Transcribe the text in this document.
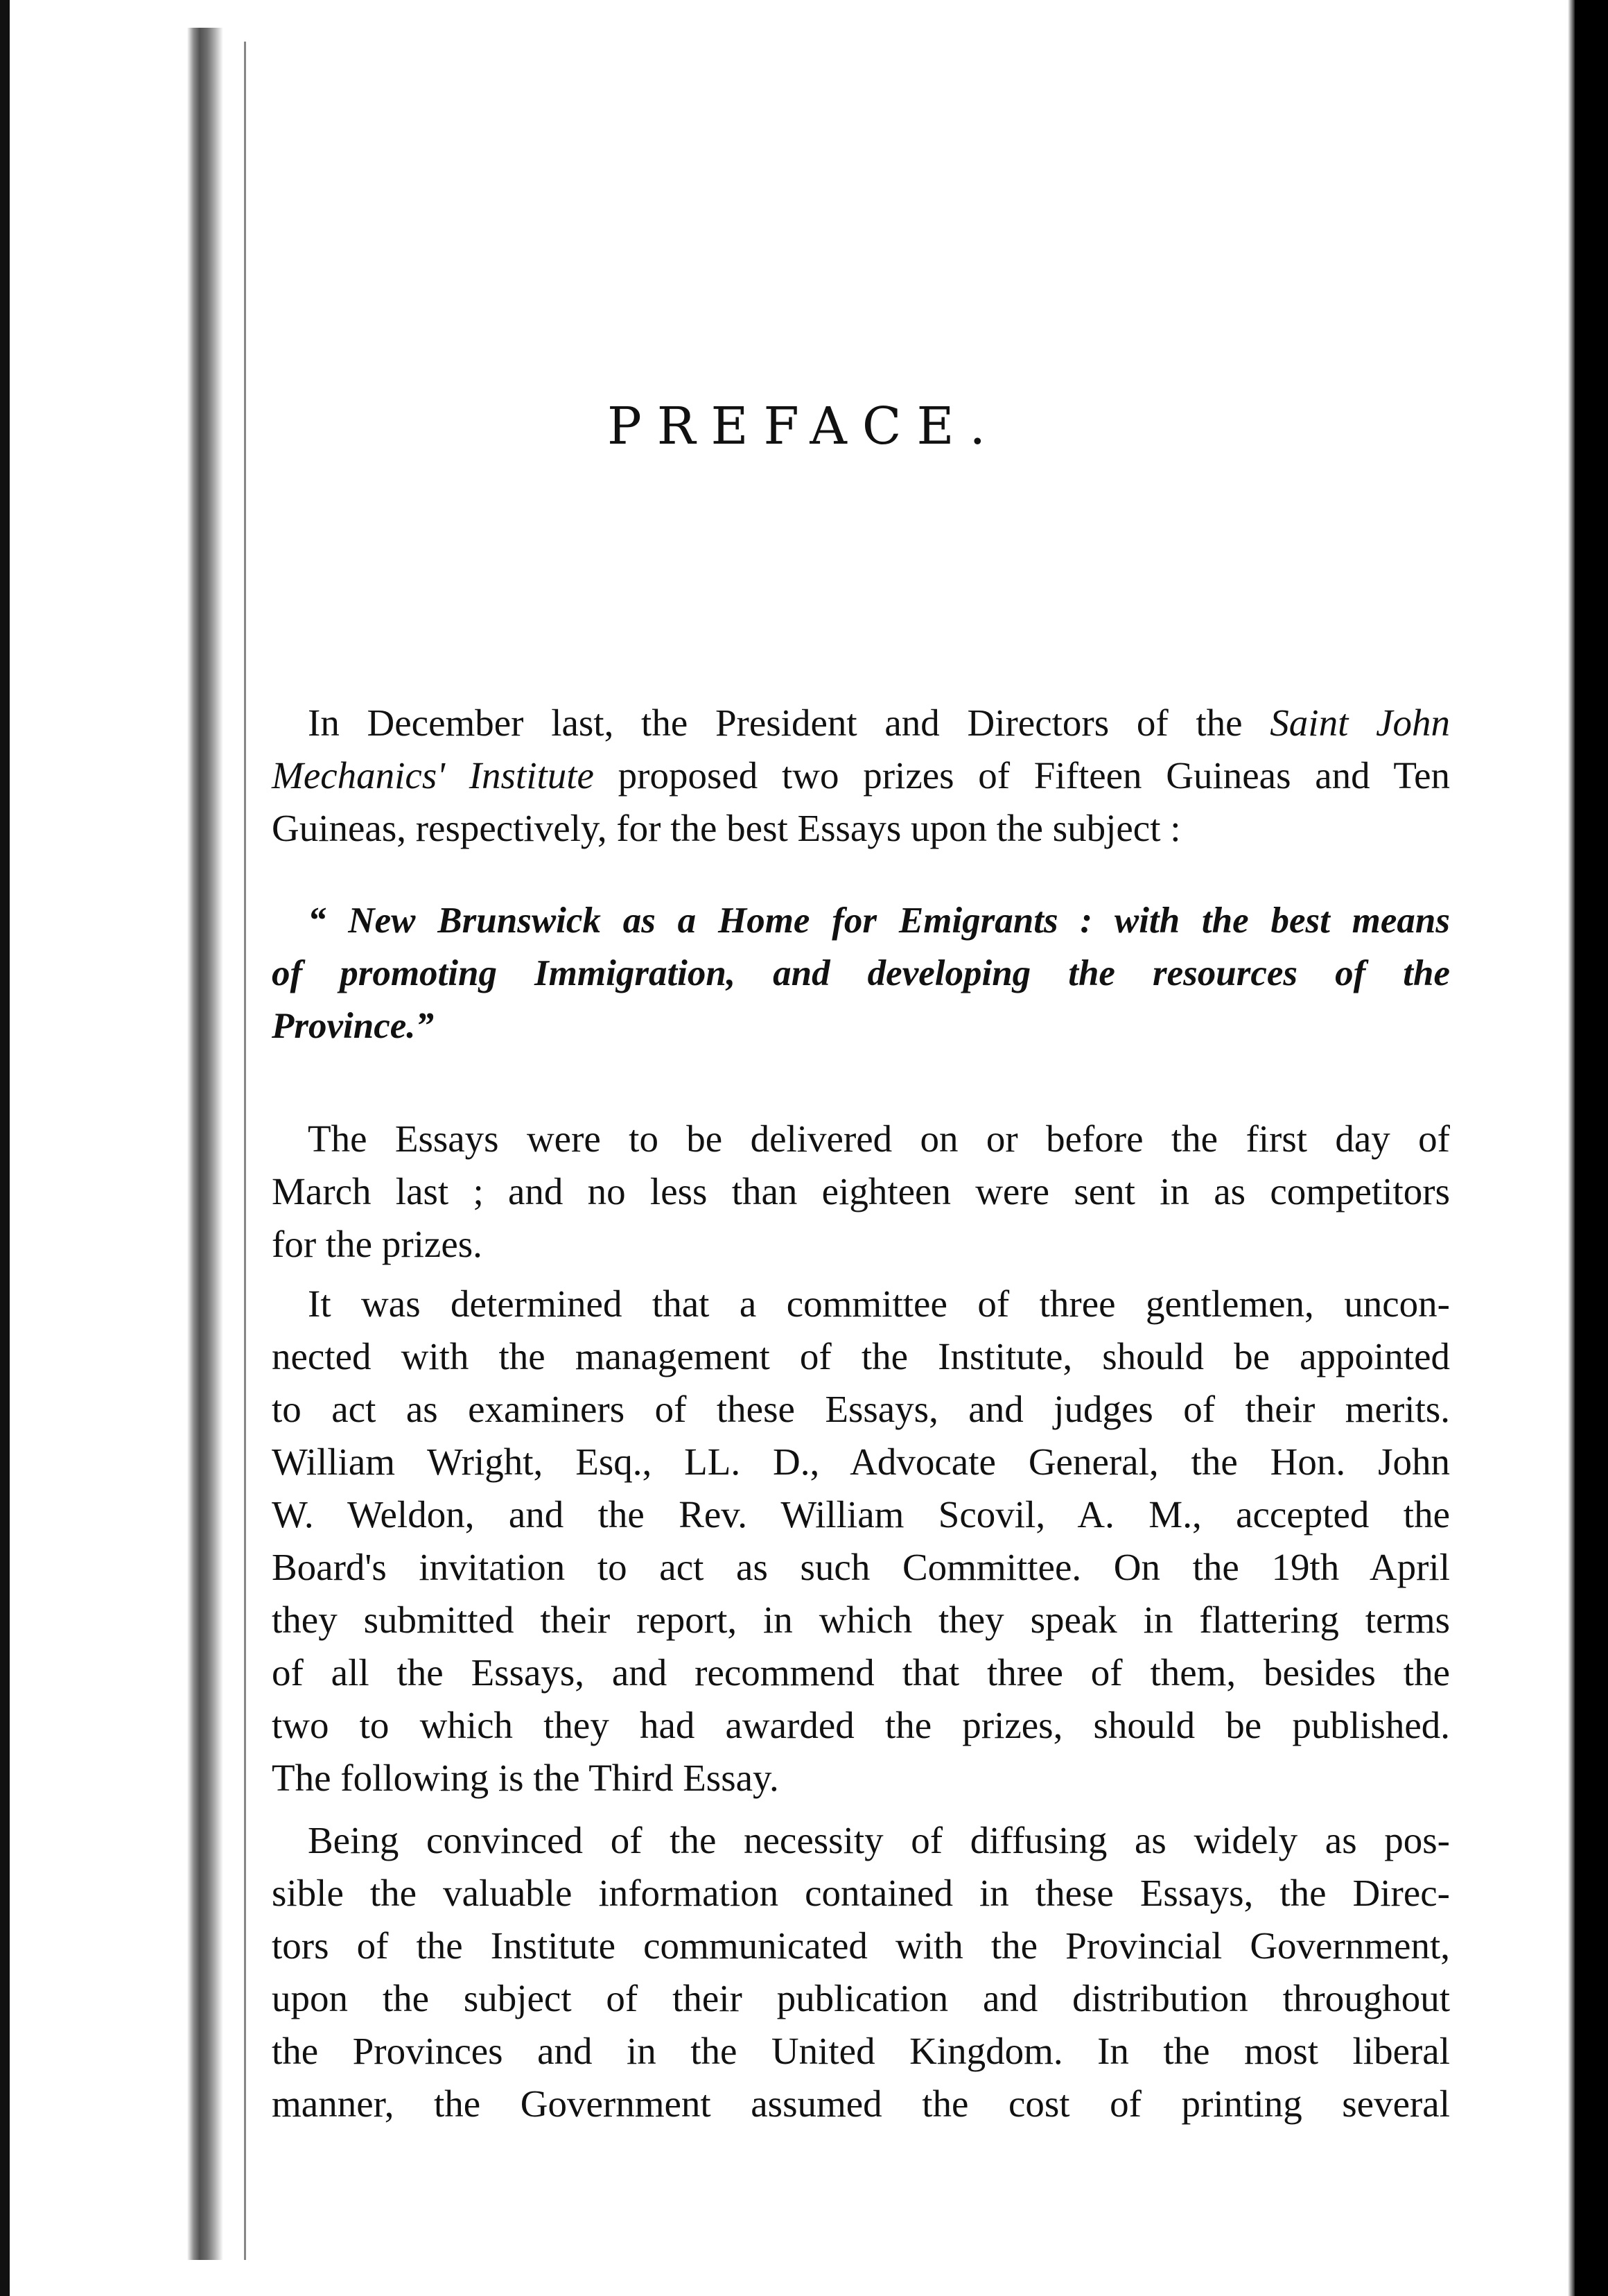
PREFACE.
In December last, the President and Directors of the Saint John
Mechanics' Institute proposed two prizes of Fifteen Guineas and Ten
Guineas, respectively, for the best Essays upon the subject :
“ New Brunswick as a Home for Emigrants : with the best means
of promoting Immigration, and developing the resources of the
Province.”
The Essays were to be delivered on or before the first day of
March last ; and no less than eighteen were sent in as competitors
for the prizes.
It was determined that a committee of three gentlemen, uncon-
nected with the management of the Institute, should be appointed
to act as examiners of these Essays, and judges of their merits.
William Wright, Esq., LL. D., Advocate General, the Hon. John
W. Weldon, and the Rev. William Scovil, A. M., accepted the
Board's invitation to act as such Committee. On the 19th April
they submitted their report, in which they speak in flattering terms
of all the Essays, and recommend that three of them, besides the
two to which they had awarded the prizes, should be published.
The following is the Third Essay.
Being convinced of the necessity of diffusing as widely as pos-
sible the valuable information contained in these Essays, the Direc-
tors of the Institute communicated with the Provincial Government,
upon the subject of their publication and distribution throughout
the Provinces and in the United Kingdom. In the most liberal
manner, the Government assumed the cost of printing several
